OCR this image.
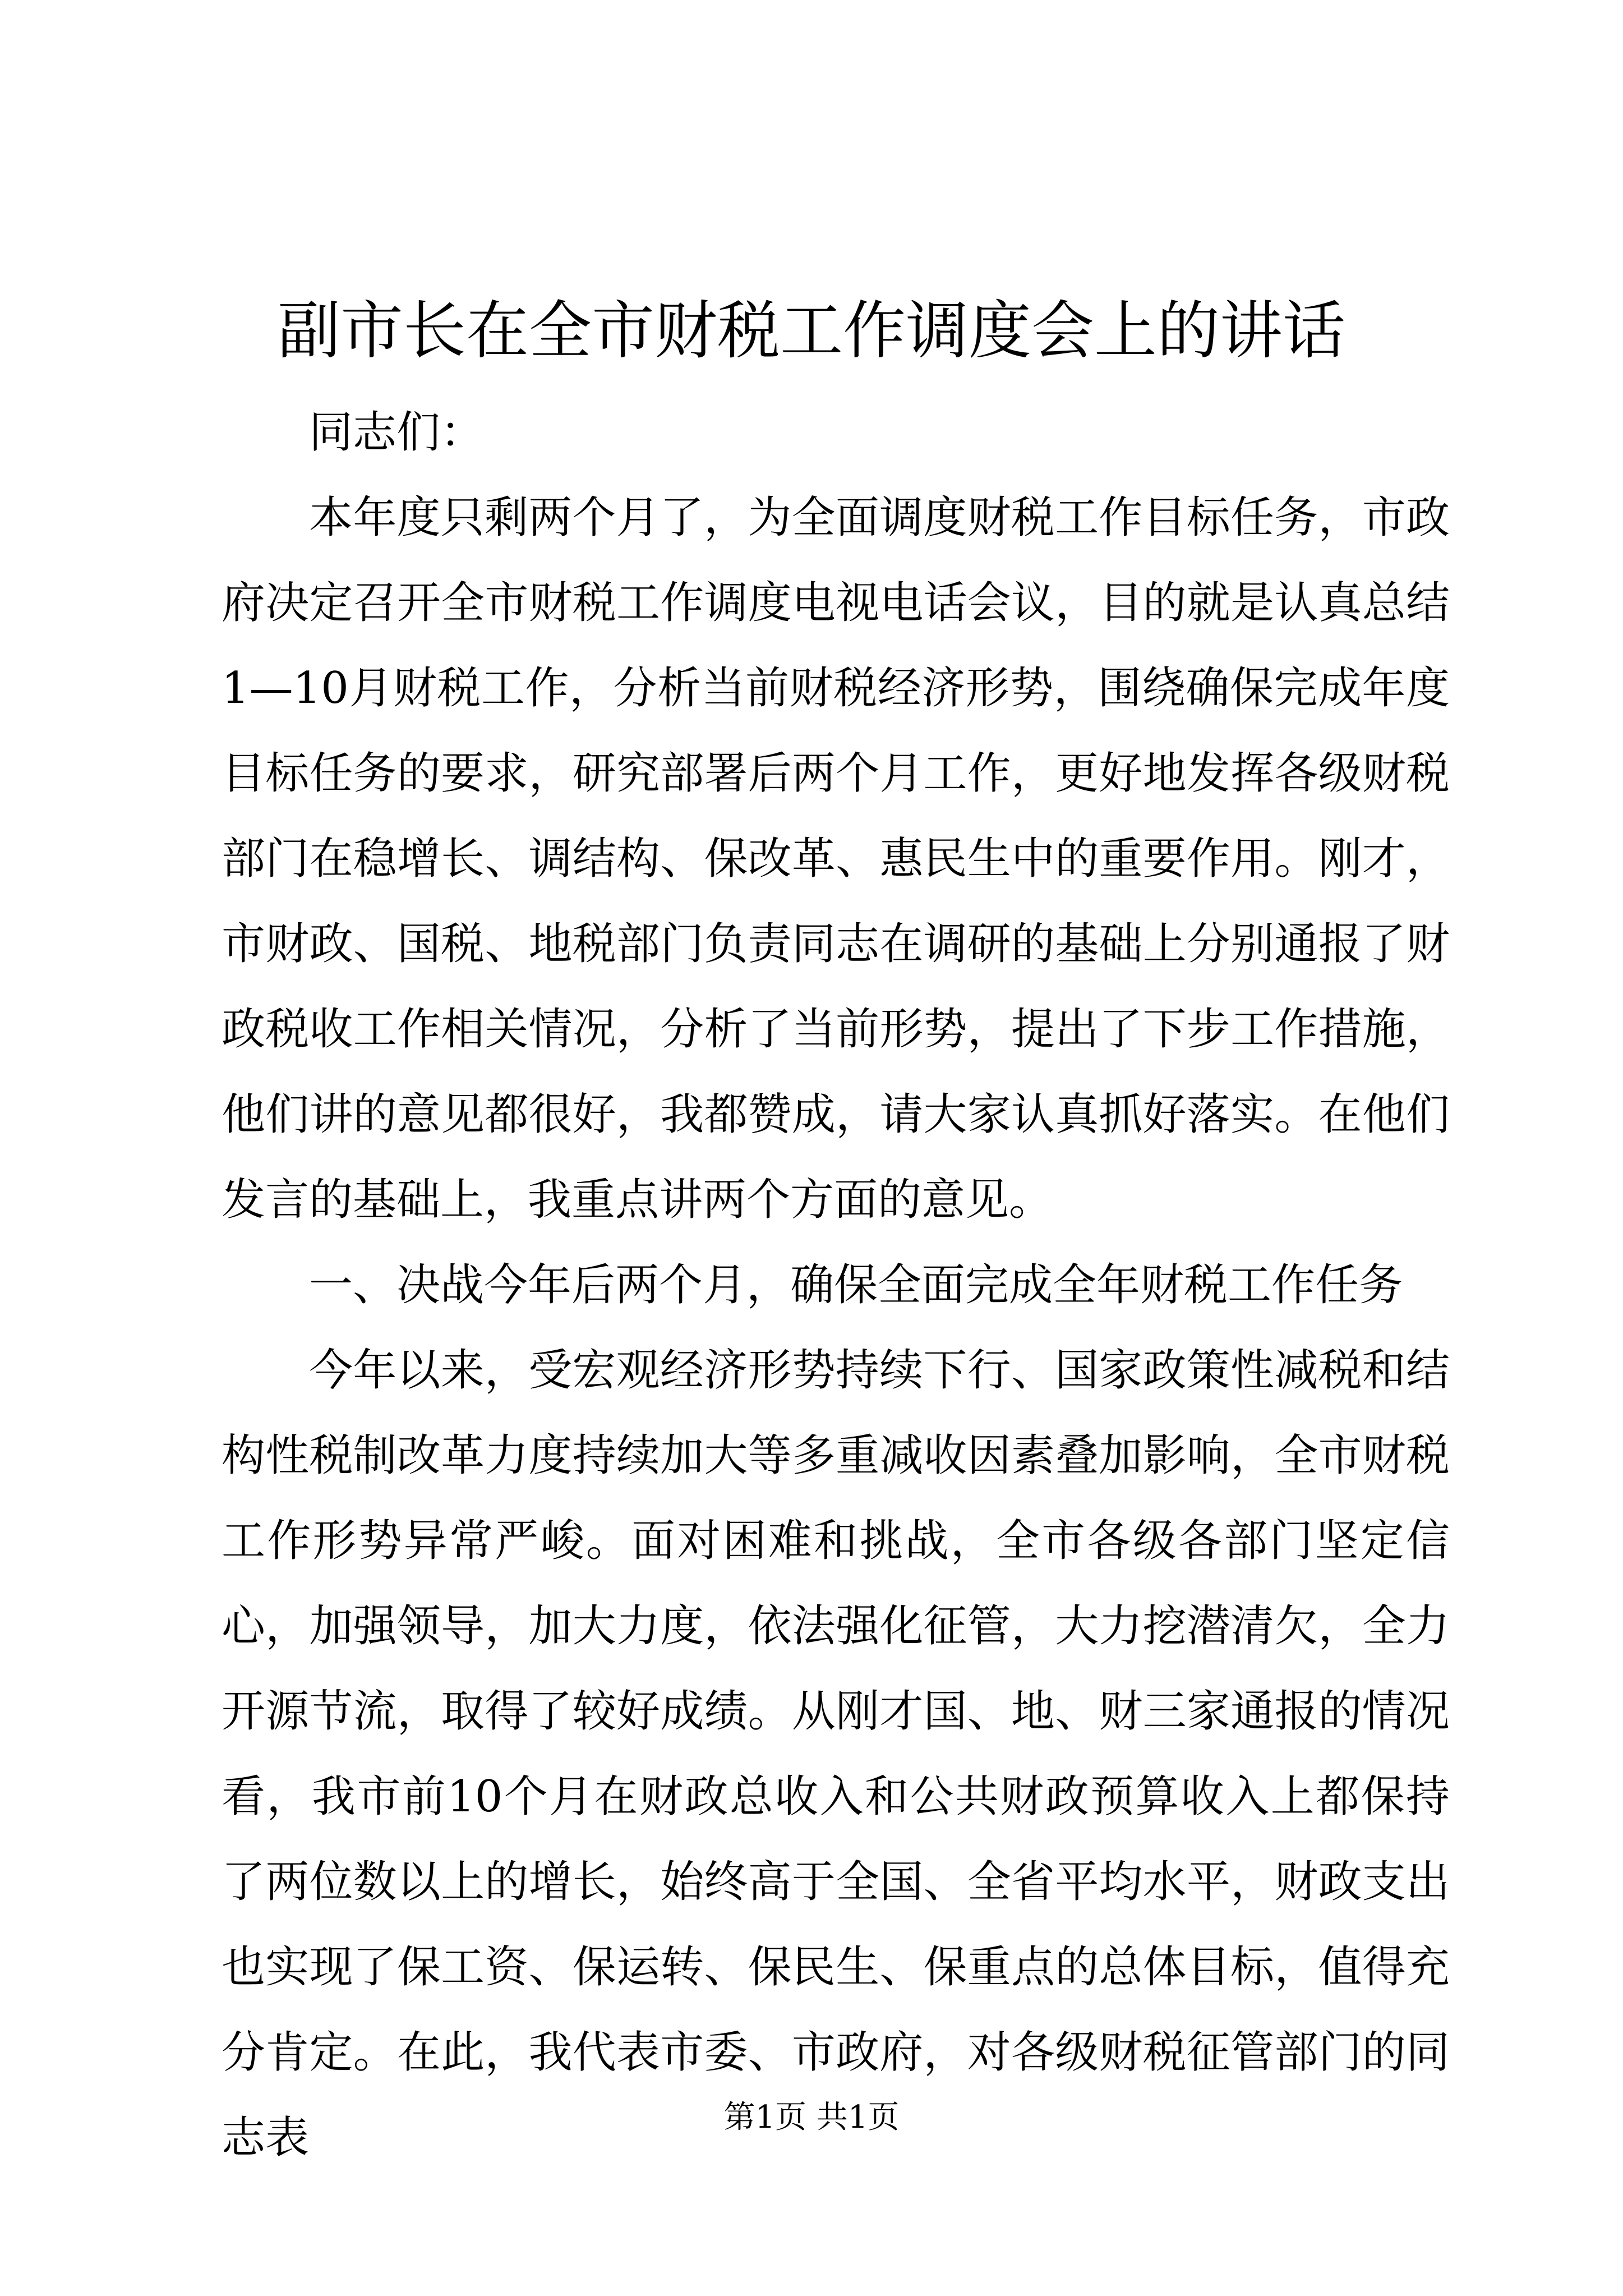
副市长在全市财税工作调度会上的讲话

同志们：

本年度只剩两个月了，为全面调度财税工作目标任务，市政府决定召开全市财税工作调度电视电话会议，目的就是认真总结1—10月财税工作，分析当前财税经济形势，围绕确保完成年度目标任务的要求，研究部署后两个月工作，更好地发挥各级财税部门在稳增长、调结构、保改革、惠民生中的重要作用。刚才，市财政、国税、地税部门负责同志在调研的基础上分别通报了财政税收工作相关情况，分析了当前形势，提出了下步工作措施，他们讲的意见都很好，我都赞成，请大家认真抓好落实。在他们发言的基础上，我重点讲两个方面的意见。

一、决战今年后两个月，确保全面完成全年财税工作任务

今年以来，受宏观经济形势持续下行、国家政策性减税和结构性税制改革力度持续加大等多重减收因素叠加影响，全市财税工作形势异常严峻。面对困难和挑战，全市各级各部门坚定信心，加强领导，加大力度，依法强化征管，大力挖潜清欠，全力开源节流，取得了较好成绩。从刚才国、地、财三家通报的情况看，我市前10个月在财政总收入和公共财政预算收入上都保持了两位数以上的增长，始终高于全国、全省平均水平，财政支出也实现了保工资、保运转、保民生、保重点的总体目标，值得充分肯定。在此，我代表市委、市政府，对各级财税征管部门的同志表	第1页 共1页
